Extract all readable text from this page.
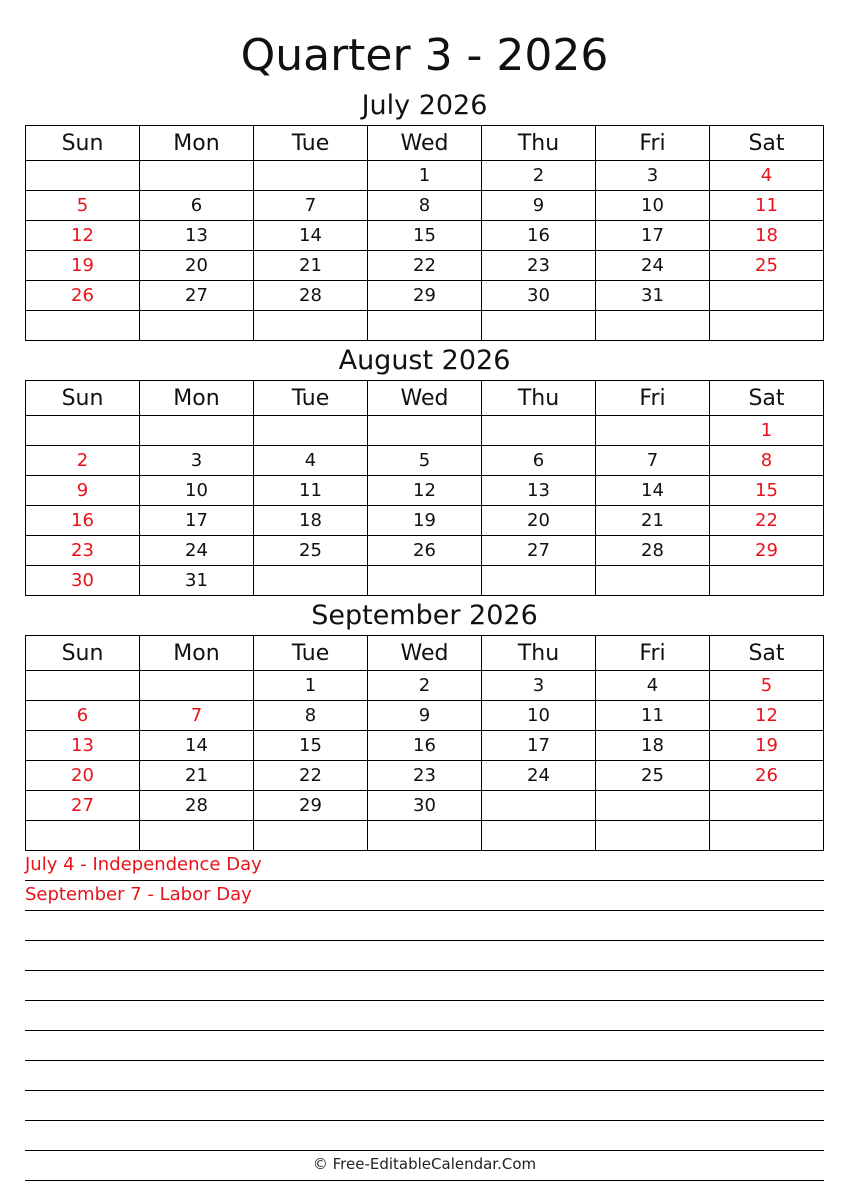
Quarter 3 - 2026
July 2026
Sun	Mon	Tue	Wed	Thu	Fri	Sat
			1	2	3	4
5	6	7	8	9	10	11
12	13	14	15	16	17	18
19	20	21	22	23	24	25
26	27	28	29	30	31	

August 2026
Sun	Mon	Tue	Wed	Thu	Fri	Sat
						1
2	3	4	5	6	7	8
9	10	11	12	13	14	15
16	17	18	19	20	21	22
23	24	25	26	27	28	29
30	31					
September 2026
Sun	Mon	Tue	Wed	Thu	Fri	Sat
		1	2	3	4	5
6	7	8	9	10	11	12
13	14	15	16	17	18	19
20	21	22	23	24	25	26
27	28	29	30			

July 4 - Independence Day
September 7 - Labor Day
© Free-EditableCalendar.Com
